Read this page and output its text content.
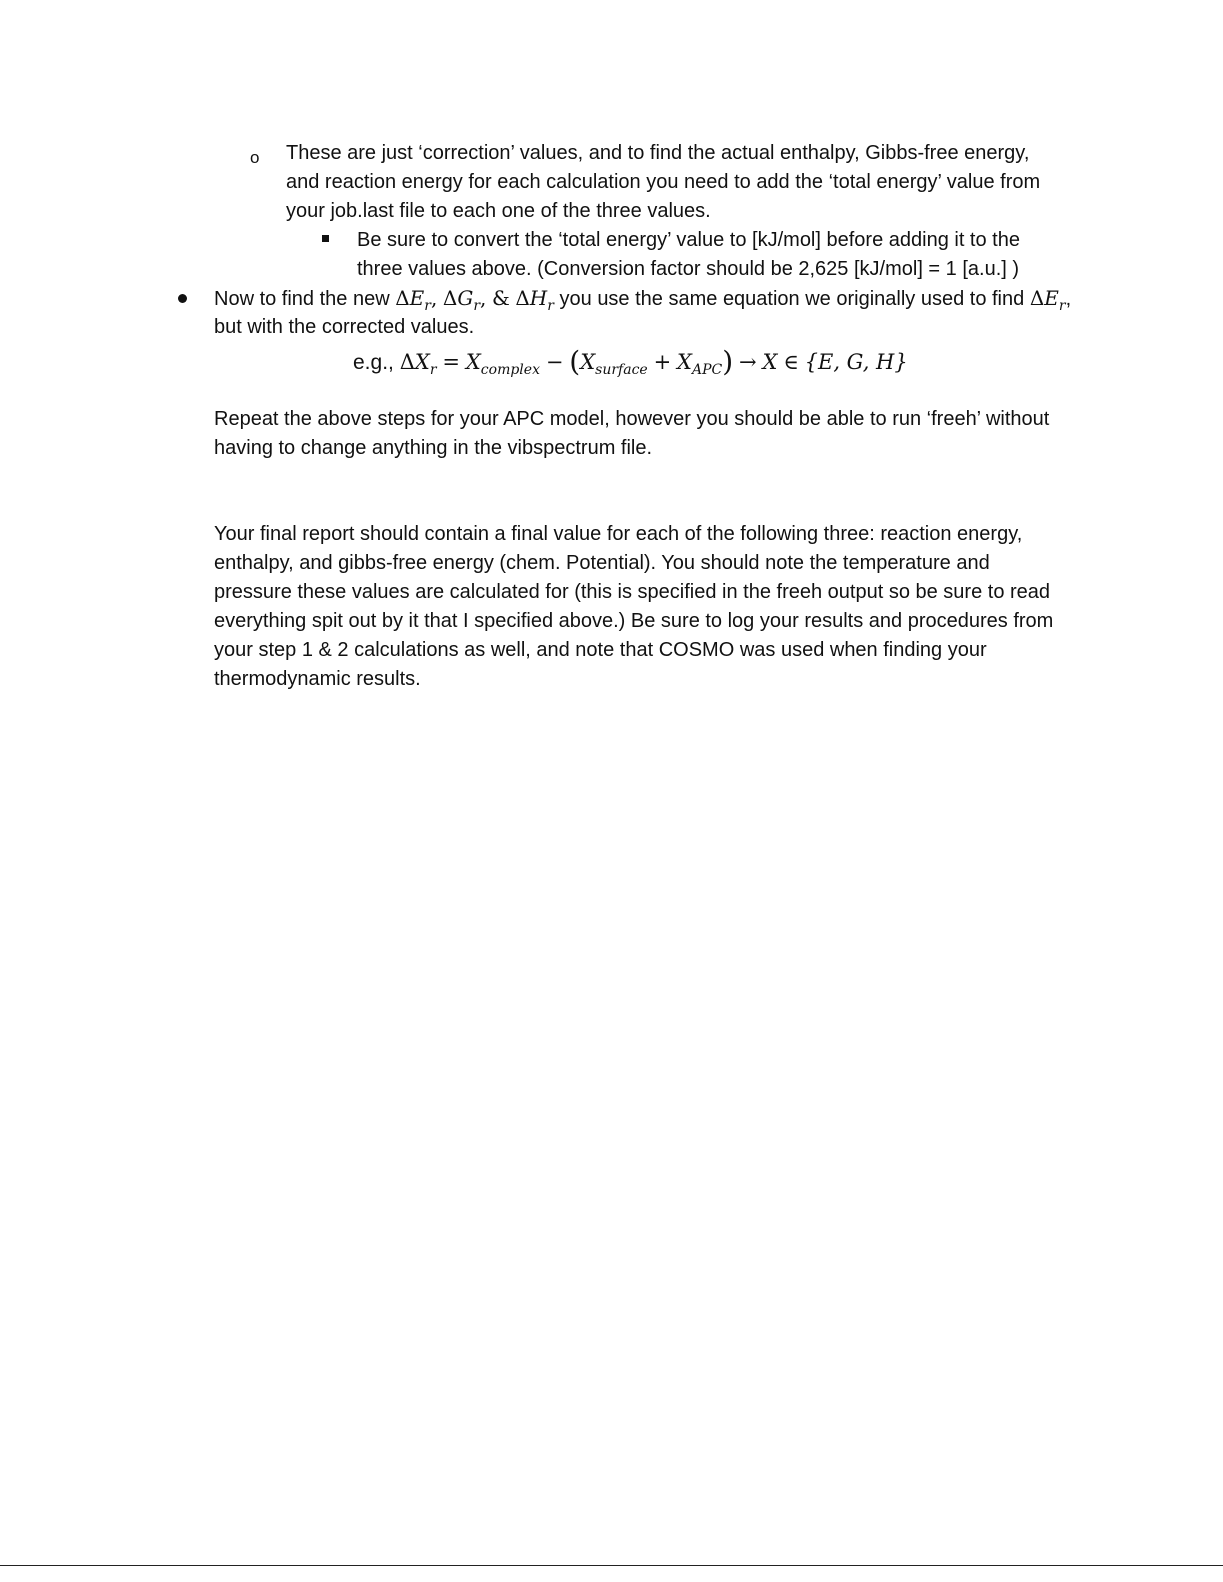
o These are just ‘correction’ values, and to find the actual enthalpy, Gibbs-free energy,
and reaction energy for each calculation you need to add the ‘total energy’ value from
your job.last file to each one of the three values.
Be sure to convert the ‘total energy’ value to [kJ/mol] before adding it to the
three values above. (Conversion factor should be 2,625 [kJ/mol] = 1 [a.u.] )
Now to find the new $\Delta E_r$, $\Delta G_r$, & $\Delta H_r$ you use the same equation we originally used to find $\Delta E_r$,
but with the corrected values.
e.g., $\Delta X_r = X_{complex} - (X_{surface} + X_{APC}) \to X$ ∈ {E, G, H}
Repeat the above steps for your APC model, however you should be able to run ‘freeh’ without
having to change anything in the vibspectrum file.
Your final report should contain a final value for each of the following three: reaction energy,
enthalpy, and gibbs-free energy (chem. Potential). You should note the temperature and
pressure these values are calculated for (this is specified in the freeh output so be sure to read
everything spit out by it that I specified above.) Be sure to log your results and procedures from
your step 1 & 2 calculations as well, and note that COSMO was used when finding your
thermodynamic results.
